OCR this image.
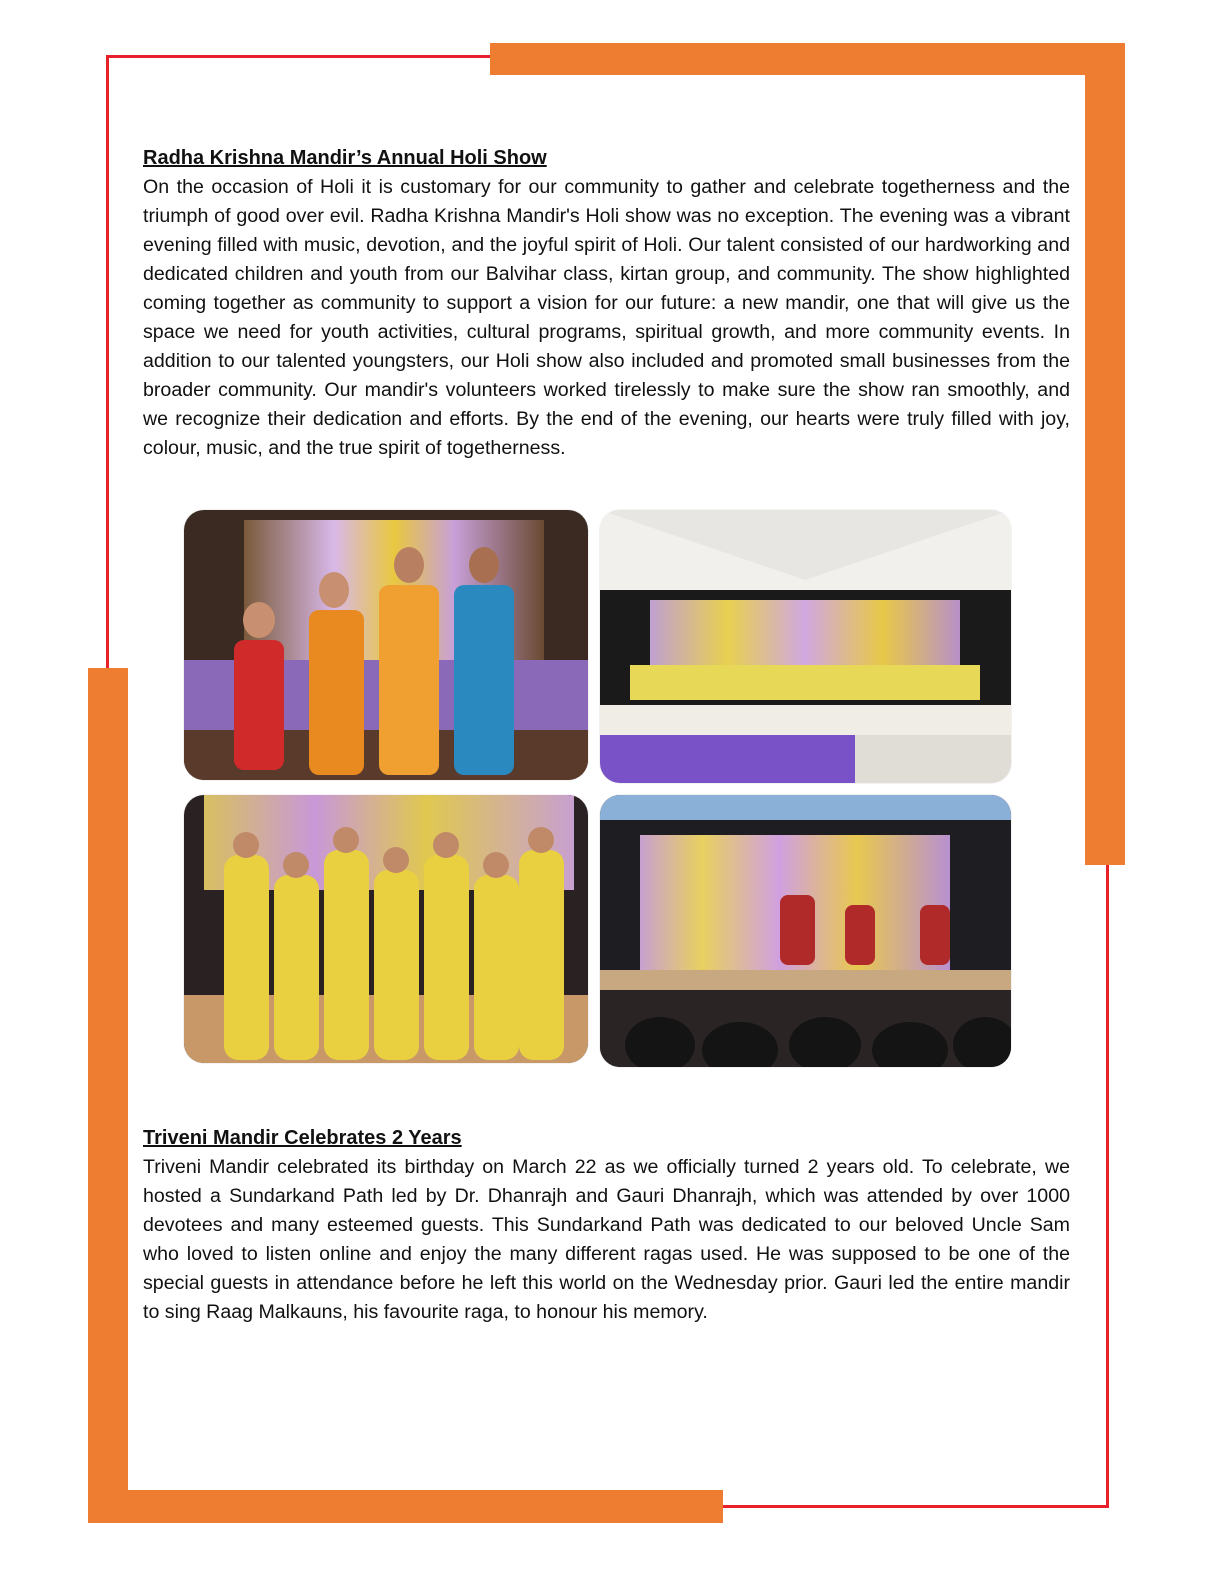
Radha Krishna Mandir’s Annual Holi Show

On the occasion of Holi it is customary for our community to gather and celebrate togetherness and the triumph of good over evil. Radha Krishna Mandir's Holi show was no exception. The evening was a vibrant evening filled with music, devotion, and the joyful spirit of Holi. Our talent consisted of our hardworking and dedicated children and youth from our Balvihar class, kirtan group, and community. The show highlighted coming together as community to support a vision for our future: a new mandir, one that will give us the space we need for youth activities, cultural programs, spiritual growth, and more community events. In addition to our talented youngsters, our Holi show also included and promoted small businesses from the broader community. Our mandir's volunteers worked tirelessly to make sure the show ran smoothly, and we recognize their dedication and efforts. By the end of the evening, our hearts were truly filled with joy, colour, music, and the true spirit of togetherness.

Triveni Mandir Celebrates 2 Years

Triveni Mandir celebrated its birthday on March 22 as we officially turned 2 years old. To celebrate, we hosted a Sundarkand Path led by Dr. Dhanrajh and Gauri Dhanrajh, which was attended by over 1000 devotees and many esteemed guests. This Sundarkand Path was dedicated to our beloved Uncle Sam who loved to listen online and enjoy the many different ragas used. He was supposed to be one of the special guests in attendance before he left this world on the Wednesday prior. Gauri led the entire mandir to sing Raag Malkauns, his favourite raga, to honour his memory.
